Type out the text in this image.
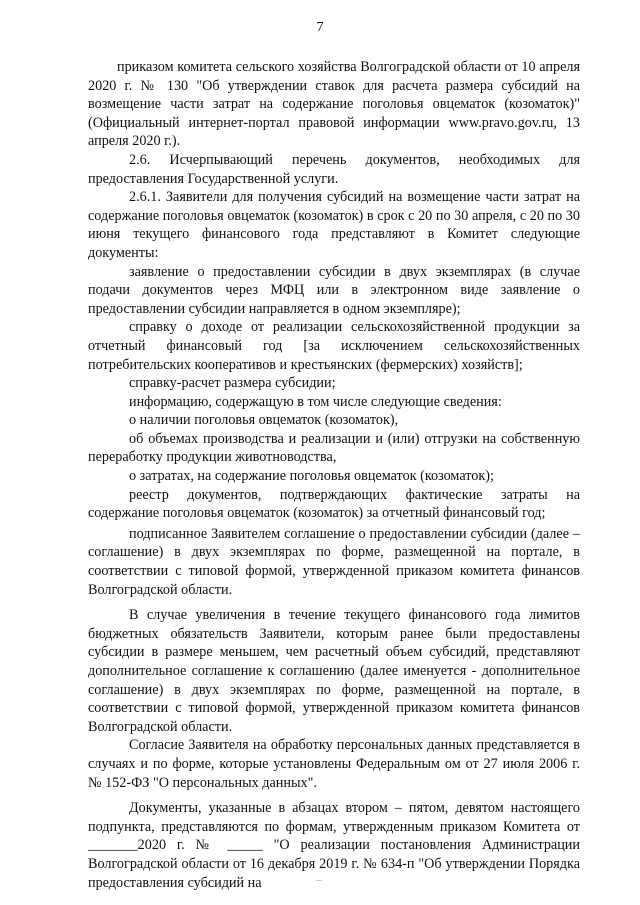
· · · ·
7

приказом комитета сельского хозяйства Волгоградской области от 10 апреля 2020 г. № 130 "Об утверждении ставок для расчета размера субсидий на возмещение части затрат на содержание поголовья овцематок (козоматок)" (Официальный интернет-портал правовой информации www.pravo.gov.ru, 13 апреля 2020 г.).

2.6. Исчерпывающий перечень документов, необходимых для предоставления Государственной услуги.

2.6.1. Заявители для получения субсидий на возмещение части затрат на содержание поголовья овцематок (козоматок) в срок с 20 по 30 апреля, с 20 по 30 июня текущего финансового года представляют в Комитет следующие документы:

заявление о предоставлении субсидии в двух экземплярах (в случае подачи документов через МФЦ или в электронном виде заявление о предоставлении субсидии направляется в одном экземпляре);

справку о доходе от реализации сельскохозяйственной продукции за отчетный финансовый год [за исключением сельскохозяйственных потребительских кооперативов и крестьянских (фермерских) хозяйств];

справку-расчет размера субсидии;

информацию, содержащую в том числе следующие сведения:

о наличии поголовья овцематок (козоматок),

об объемах производства и реализации и (или) отгрузки на собственную переработку продукции животноводства,

о затратах, на содержание поголовья овцематок (козоматок);

реестр документов, подтверждающих фактические затраты на содержание поголовья овцематок (козоматок) за отчетный финансовый год;

подписанное Заявителем соглашение о предоставлении субсидии (далее – соглашение) в двух экземплярах по форме, размещенной на портале, в соответствии с типовой формой, утвержденной приказом комитета финансов Волгоградской области.

В случае увеличения в течение текущего финансового года лимитов бюджетных обязательств Заявители, которым ранее были предоставлены субсидии в размере меньшем, чем расчетный объем субсидий, представляют дополнительное соглашение к соглашению (далее именуется - дополнительное соглашение) в двух экземплярах по форме, размещенной на портале, в соответствии с типовой формой, утвержденной приказом комитета финансов Волгоградской области.

Согласие Заявителя на обработку персональных данных представляется в случаях и по форме, которые установлены Федеральным ом от 27 июля 2006 г. № 152-ФЗ "О персональных данных".

Документы, указанные в абзацах втором – пятом, девятом настоящего подпункта, представляются по формам, утвержденным приказом Комитета от _______2020 г. № _____ "О реализации постановления Администрации Волгоградской области от 16 декабря 2019 г. № 634-п "Об утверждении Порядка предоставления субсидий на
